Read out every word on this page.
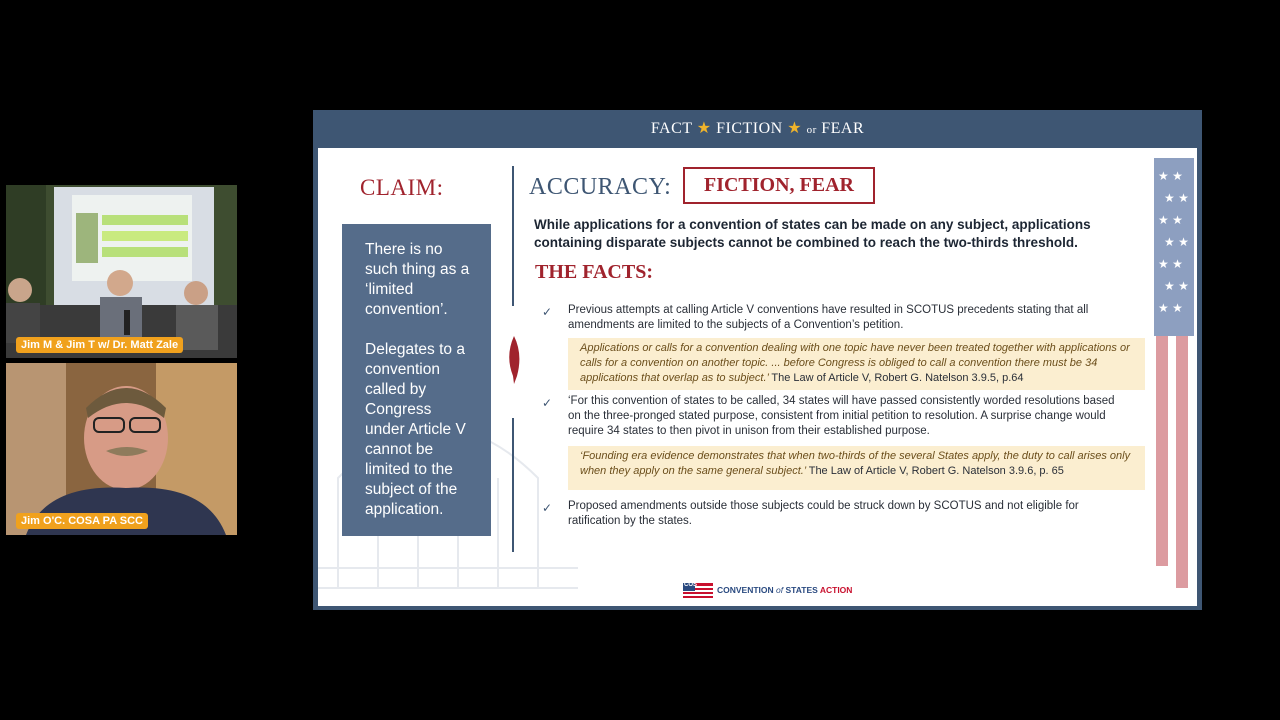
Jim M & Jim T w/ Dr. Matt Zale
Jim O'C. COSA PA SCC
FACT ★ FICTION ★ or FEAR
★ ★
★ ★
★ ★
★ ★
★ ★
★ ★
★ ★
CLAIM:

There is no such thing as a ‘limited convention’.

Delegates to a convention called by Congress under Article V cannot be limited to the subject of the application.

ACCURACY:	FICTION, FEAR
While applications for a convention of states can be made on any subject, applications containing disparate subjects cannot be combined to reach the two-thirds threshold.
THE FACTS:
✓ Previous attempts at calling Article V conventions have resulted in SCOTUS precedents stating that all amendments are limited to the subjects of a Convention’s petition.
Applications or calls for a convention dealing with one topic have never been treated together with applications or calls for a convention on another topic. ... before Congress is obliged to call a convention there must be 34 applications that overlap as to subject.’ The Law of Article V, Robert G. Natelson 3.9.5, p.64
✓ ‘For this convention of states to be called, 34 states will have passed consistently worded resolutions based on the three-pronged stated purpose, consistent from initial petition to resolution. A surprise change would require 34 states to then pivot in unison from their established purpose.
‘Founding era evidence demonstrates that when two-thirds of the several States apply, the duty to call arises only when they apply on the same general subject.’ The Law of Article V, Robert G. Natelson 3.9.6, p. 65
✓ Proposed amendments outside those subjects could be struck down by SCOTUS and not eligible for ratification by the states.
COS CONVENTION of STATES ACTION
